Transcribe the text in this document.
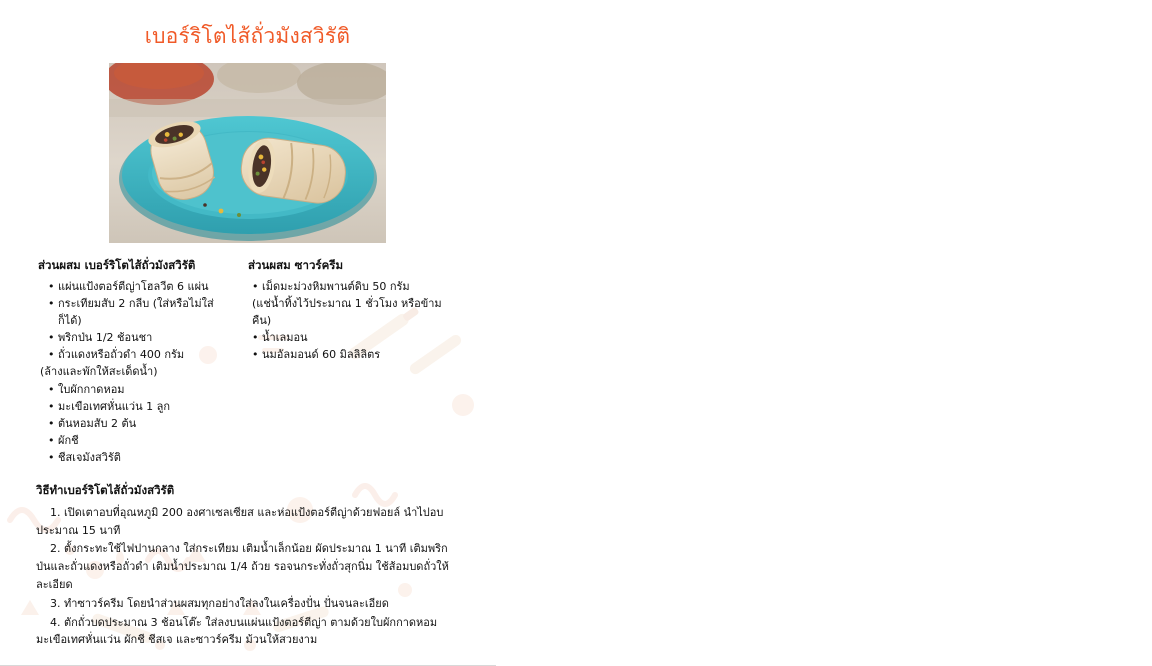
เบอร์ริโตไส้ถั่วมังสวิรัติ
ส่วนผสม เบอร์ริโตไส้ถั่วมังสวิรัติ
• แผ่นแป้งตอร์ตีญ่าโฮลวีต 6 แผ่น
• กระเทียมสับ 2 กลีบ (ใส่หรือไม่ใส่ก็ได้)
• พริกป่น 1/2 ช้อนชา
• ถั่วแดงหรือถั่วดำ 400 กรัม
(ล้างและพักให้สะเด็ดน้ำ)
• ใบผักกาดหอม
• มะเขือเทศหั่นแว่น 1 ลูก
• ต้นหอมสับ 2 ต้น
• ผักชี
• ชีสเจมังสวิรัติ
ส่วนผสม ซาวร์ครีม
• เม็ดมะม่วงหิมพานต์ดิบ 50 กรัม
(แช่น้ำทิ้งไว้ประมาณ 1 ชั่วโมง หรือข้ามคืน)
• น้ำเลมอน
• นมอัลมอนด์ 60 มิลลิลิตร
วิธีทำเบอร์ริโตไส้ถั่วมังสวิรัติ
1. เปิดเตาอบที่อุณหภูมิ 200 องศาเซลเซียส และห่อแป้งตอร์ตีญ่าด้วยฟอยล์ นำไปอบประมาณ 15 นาที
2. ตั้งกระทะใช้ไฟปานกลาง ใส่กระเทียม เติมน้ำเล็กน้อย ผัดประมาณ 1 นาที เติมพริกป่นและถั่วแดงหรือถั่วดำ เติมน้ำประมาณ 1/4 ถ้วย รอจนกระทั่งถั่วสุกนิ่ม ใช้ส้อมบดถั่วให้ละเอียด
3. ทำซาวร์ครีม โดยนำส่วนผสมทุกอย่างใส่ลงในเครื่องปั่น ปั่นจนละเอียด
4. ตักถั่วบดประมาณ 3 ช้อนโต๊ะ ใส่ลงบนแผ่นแป้งตอร์ตีญ่า ตามด้วยใบผักกาดหอม มะเขือเทศหั่นแว่น ผักชี ชีสเจ และซาวร์ครีม ม้วนให้สวยงาม
